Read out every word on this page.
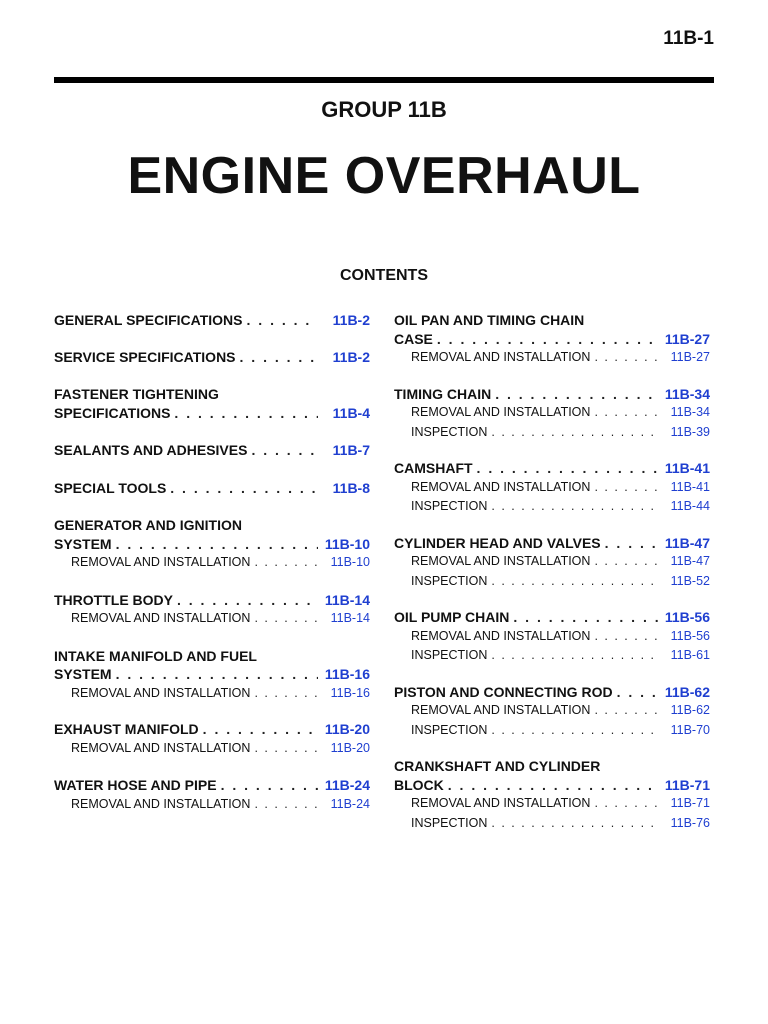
11B-1
GROUP 11B
ENGINE OVERHAUL
CONTENTS
GENERAL SPECIFICATIONS . . .	11B-2
SERVICE SPECIFICATIONS . . .	11B-2
FASTENER TIGHTENING
SPECIFICATIONS . . .	11B-4
SEALANTS AND ADHESIVES . . .	11B-7
SPECIAL TOOLS . . .	11B-8
GENERATOR AND IGNITION
SYSTEM . . .	11B-10
REMOVAL AND INSTALLATION . . .	11B-10
THROTTLE BODY . . .	11B-14
REMOVAL AND INSTALLATION . . .	11B-14
INTAKE MANIFOLD AND FUEL
SYSTEM . . .	11B-16
REMOVAL AND INSTALLATION . . .	11B-16
EXHAUST MANIFOLD . . .	11B-20
REMOVAL AND INSTALLATION . . .	11B-20
WATER HOSE AND PIPE . . .	11B-24
REMOVAL AND INSTALLATION . . .	11B-24
OIL PAN AND TIMING CHAIN
CASE . . .	11B-27
REMOVAL AND INSTALLATION . . .	11B-27
TIMING CHAIN . . .	11B-34
REMOVAL AND INSTALLATION . . .	11B-34
INSPECTION . . .	11B-39
CAMSHAFT . . .	11B-41
REMOVAL AND INSTALLATION . . .	11B-41
INSPECTION . . .	11B-44
CYLINDER HEAD AND VALVES . . .	11B-47
REMOVAL AND INSTALLATION . . .	11B-47
INSPECTION . . .	11B-52
OIL PUMP CHAIN . . .	11B-56
REMOVAL AND INSTALLATION . . .	11B-56
INSPECTION . . .	11B-61
PISTON AND CONNECTING ROD . . .	11B-62
REMOVAL AND INSTALLATION . . .	11B-62
INSPECTION . . .	11B-70
CRANKSHAFT AND CYLINDER
BLOCK . . .	11B-71
REMOVAL AND INSTALLATION . . .	11B-71
INSPECTION . . .	11B-76
